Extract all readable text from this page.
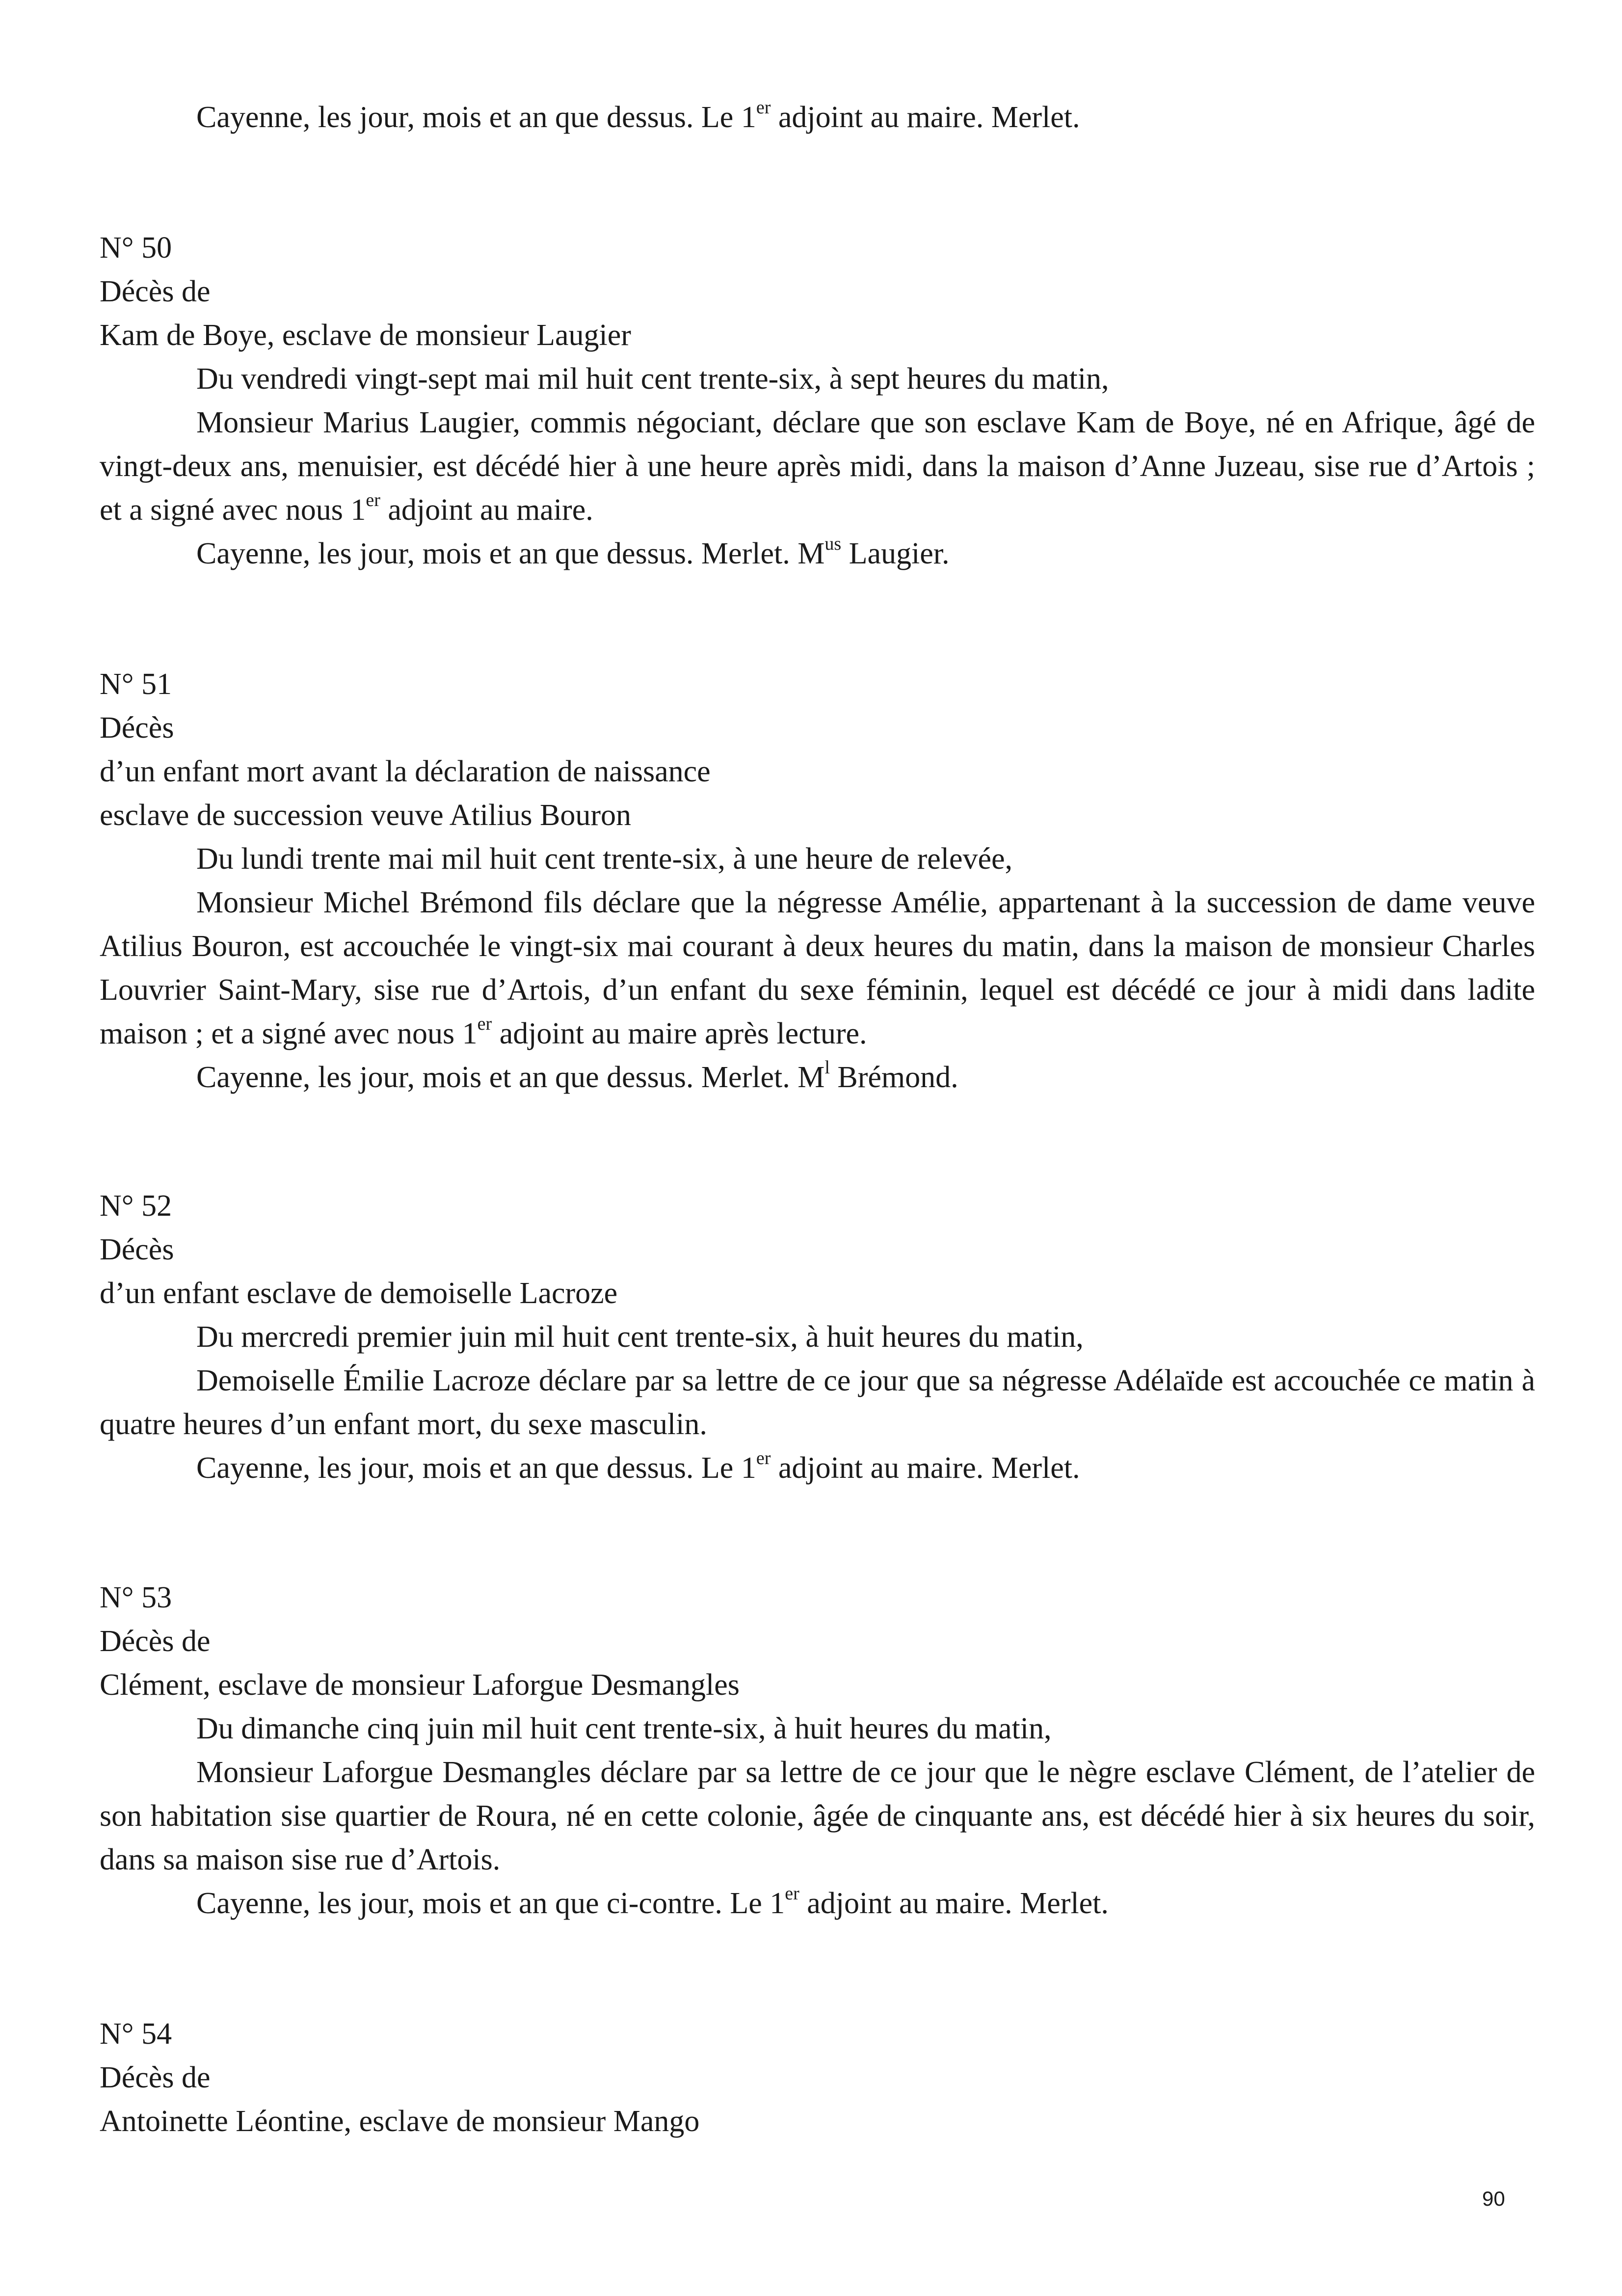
Cayenne, les jour, mois et an que dessus. Le 1er adjoint au maire. Merlet.
N° 50
Décès de
Kam de Boye, esclave de monsieur Laugier
Du vendredi vingt-sept mai mil huit cent trente-six, à sept heures du matin,
Monsieur Marius Laugier, commis négociant, déclare que son esclave Kam de Boye, né en Afrique, âgé de vingt-deux ans, menuisier, est décédé hier à une heure après midi, dans la maison d’Anne Juzeau, sise rue d’Artois ; et a signé avec nous 1er adjoint au maire.
Cayenne, les jour, mois et an que dessus. Merlet. $M^{us}$ Laugier.
N° 51
Décès
d’un enfant mort avant la déclaration de naissance
esclave de succession veuve Atilius Bouron
Du lundi trente mai mil huit cent trente-six, à une heure de relevée,
Monsieur Michel Brémond fils déclare que la négresse Amélie, appartenant à la succession de dame veuve Atilius Bouron, est accouchée le vingt-six mai courant à deux heures du matin, dans la maison de monsieur Charles Louvrier Saint-Mary, sise rue d’Artois, d’un enfant du sexe féminin, lequel est décédé ce jour à midi dans ladite maison ; et a signé avec nous 1er adjoint au maire après lecture.
Cayenne, les jour, mois et an que dessus. Merlet. $M^l$ Brémond.
N° 52
Décès
d’un enfant esclave de demoiselle Lacroze
Du mercredi premier juin mil huit cent trente-six, à huit heures du matin,
Demoiselle Émilie Lacroze déclare par sa lettre de ce jour que sa négresse Adélaïde est accouchée ce matin à quatre heures d’un enfant mort, du sexe masculin.
Cayenne, les jour, mois et an que dessus. Le 1er adjoint au maire. Merlet.
N° 53
Décès de
Clément, esclave de monsieur Laforgue Desmangles
Du dimanche cinq juin mil huit cent trente-six, à huit heures du matin,
Monsieur Laforgue Desmangles déclare par sa lettre de ce jour que le nègre esclave Clément, de l’atelier de son habitation sise quartier de Roura, né en cette colonie, âgée de cinquante ans, est décédé hier à six heures du soir, dans sa maison sise rue d’Artois.
Cayenne, les jour, mois et an que ci-contre. Le 1er adjoint au maire. Merlet.
N° 54
Décès de
Antoinette Léontine, esclave de monsieur Mango
90
